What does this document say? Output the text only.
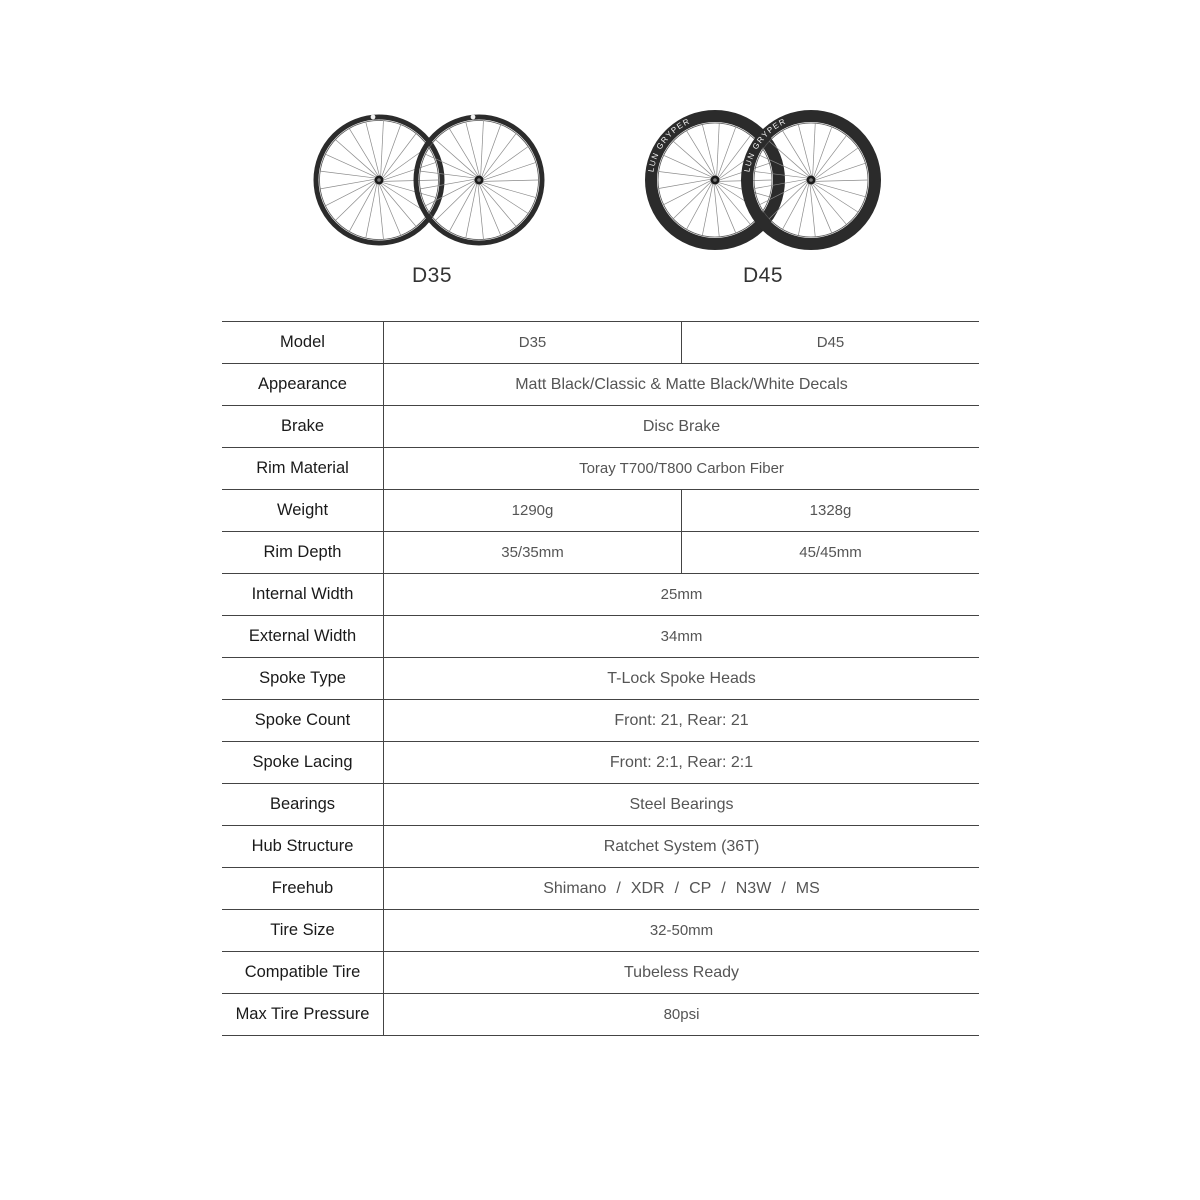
D35
LUN GRYPER
LUN GRYPER
D45
Model	D35	D45
Appearance	Matt Black/Classic & Matte Black/White Decals	
Brake	Disc Brake	
Rim Material	Toray T700/T800 Carbon Fiber	
Weight	1290g	1328g
Rim Depth	35/35mm	45/45mm
Internal Width	25mm	
External Width	34mm	
Spoke Type	T-Lock Spoke Heads	
Spoke Count	Front: 21, Rear: 21	
Spoke Lacing	Front: 2:1, Rear: 2:1	
Bearings	Steel Bearings	
Hub Structure	Ratchet System (36T)	
Freehub	Shimano / XDR / CP / N3W / MS	
Tire Size	32-50mm	
Compatible Tire	Tubeless Ready	
Max Tire Pressure	80psi	
